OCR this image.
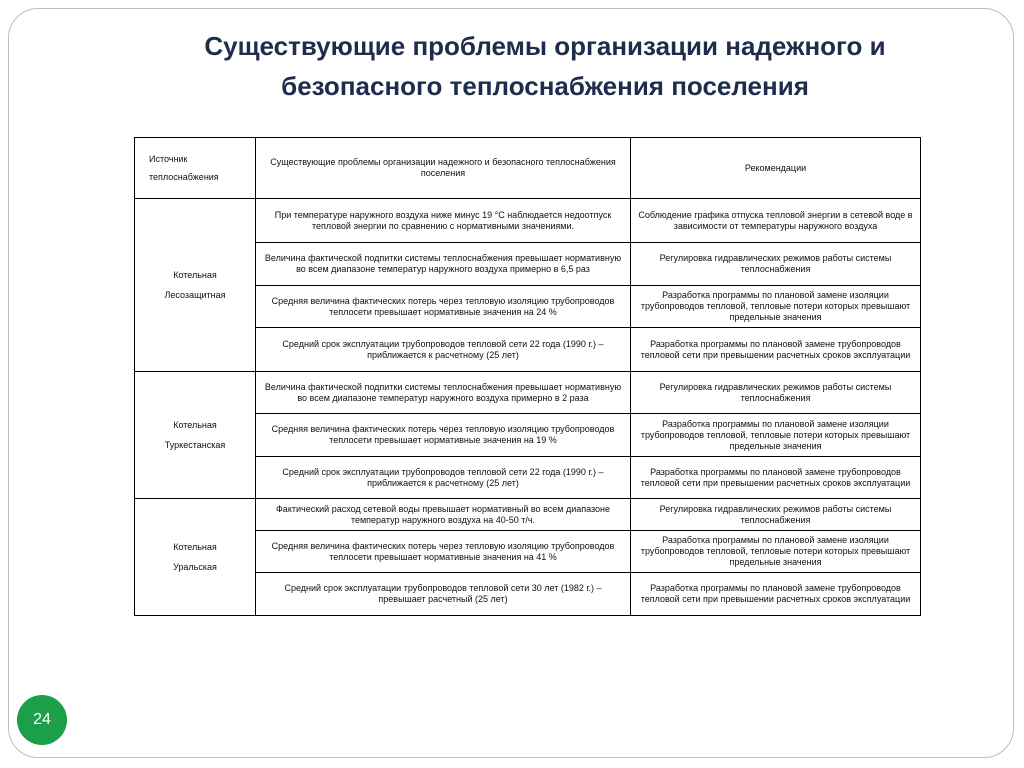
Существующие проблемы организации надежного и
безопасного теплоснабжения поселения
Источник теплоснабжения	Существующие проблемы организации надежного и безопасного теплоснабжения поселения	Рекомендации

Котельная
Лесозащитная	При температуре наружного воздуха ниже минус 19 °С наблюдается недоотпуск тепловой энергии по сравнению с нормативными значениями.	Соблюдение графика отпуска тепловой энергии в сетевой воде в зависимости от температуры наружного воздуха
	Величина фактической подпитки системы теплоснабжения превышает нормативную во всем диапазоне температур наружного воздуха примерно в 6,5 раз	Регулировка гидравлических режимов работы системы теплоснабжения
	Средняя величина фактических потерь через тепловую изоляцию трубопроводов теплосети превышает нормативные значения на 24 %	Разработка программы по плановой замене изоляции трубопроводов тепловой, тепловые потери которых превышают предельные значения
	Средний срок эксплуатации трубопроводов тепловой сети 22 года (1990 г.) – приближается к расчетному (25 лет)	Разработка программы по плановой замене трубопроводов тепловой сети при превышении расчетных сроков эксплуатации

Котельная
Туркестанская	Величина фактической подпитки системы теплоснабжения превышает нормативную во всем диапазоне температур наружного воздуха примерно в 2 раза	Регулировка гидравлических режимов работы системы теплоснабжения
	Средняя величина фактических потерь через тепловую изоляцию трубопроводов теплосети превышает нормативные значения на 19 %	Разработка программы по плановой замене изоляции трубопроводов тепловой, тепловые потери которых превышают предельные значения
	Средний срок эксплуатации трубопроводов тепловой сети 22 года (1990 г.) – приближается к расчетному (25 лет)	Разработка программы по плановой замене трубопроводов тепловой сети при превышении расчетных сроков эксплуатации

Котельная
Уральская	Фактический расход сетевой воды превышает нормативный во всем диапазоне температур наружного воздуха на 40-50 т/ч.	Регулировка гидравлических режимов работы системы теплоснабжения
	Средняя величина фактических потерь через тепловую изоляцию трубопроводов теплосети превышает нормативные значения на 41 %	Разработка программы по плановой замене изоляции трубопроводов тепловой, тепловые потери которых превышают предельные значения
	Средний срок эксплуатации трубопроводов тепловой сети 30 лет (1982 г.) – превышает расчетный (25 лет)	Разработка программы по плановой замене трубопроводов тепловой сети при превышении расчетных сроков эксплуатации
24
